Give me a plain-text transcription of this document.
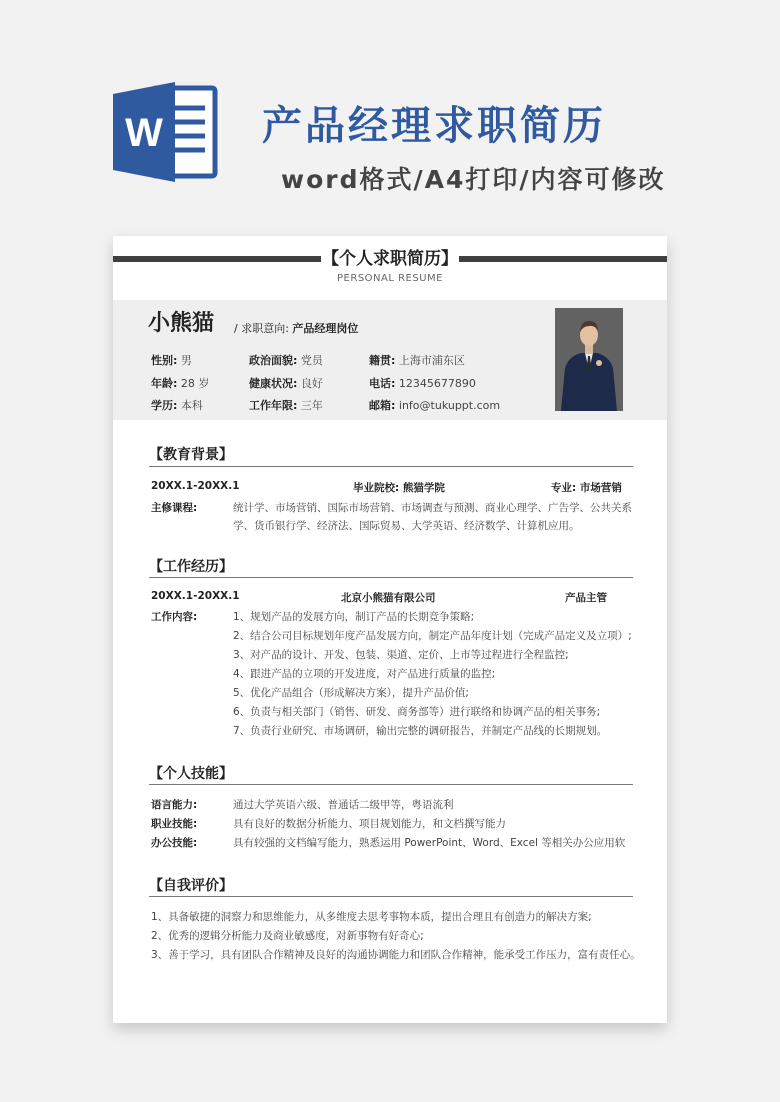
W 产品经理求职简历
word格式/A4打印/内容可修改
【个人求职简历】
PERSONAL RESUME
小熊猫 / 求职意向: 产品经理岗位
性别: 男	政治面貌: 党员	籍贯: 上海市浦东区
年龄: 28 岁	健康状况: 良好	电话: 12345677890
学历: 本科	工作年限: 三年	邮箱: info@tukuppt.com
【教育背景】
20XX.1-20XX.1	毕业院校: 熊猫学院	专业: 市场营销
主修课程:	统计学、市场营销、国际市场营销、市场调查与预测、商业心理学、广告学、公共关系
学、货币银行学、经济法、国际贸易、大学英语、经济数学、计算机应用。
【工作经历】
20XX.1-20XX.1	北京小熊猫有限公司	产品主管
工作内容:	1、规划产品的发展方向，制订产品的长期竞争策略;
2、结合公司目标规划年度产品发展方向，制定产品年度计划（完成产品定义及立项）;
3、对产品的设计、开发、包装、渠道、定价、上市等过程进行全程监控;
4、跟进产品的立项的开发进度，对产品进行质量的监控;
5、优化产品组合（形成解决方案），提升产品价值;
6、负责与相关部门（销售、研发、商务部等）进行联络和协调产品的相关事务;
7、负责行业研究、市场调研，输出完整的调研报告，并制定产品线的长期规划。
【个人技能】
语言能力:	通过大学英语六级、普通话二级甲等，粤语流利
职业技能:	具有良好的数据分析能力、项目规划能力，和文档撰写能力
办公技能:	具有较强的文档编写能力，熟悉运用 PowerPoint、Word、Excel 等相关办公应用软
【自我评价】
1、具备敏捷的洞察力和思维能力，从多维度去思考事物本质，提出合理且有创造力的解决方案;
2、优秀的逻辑分析能力及商业敏感度，对新事物有好奇心;
3、善于学习，具有团队合作精神及良好的沟通协调能力和团队合作精神，能承受工作压力，富有责任心。
